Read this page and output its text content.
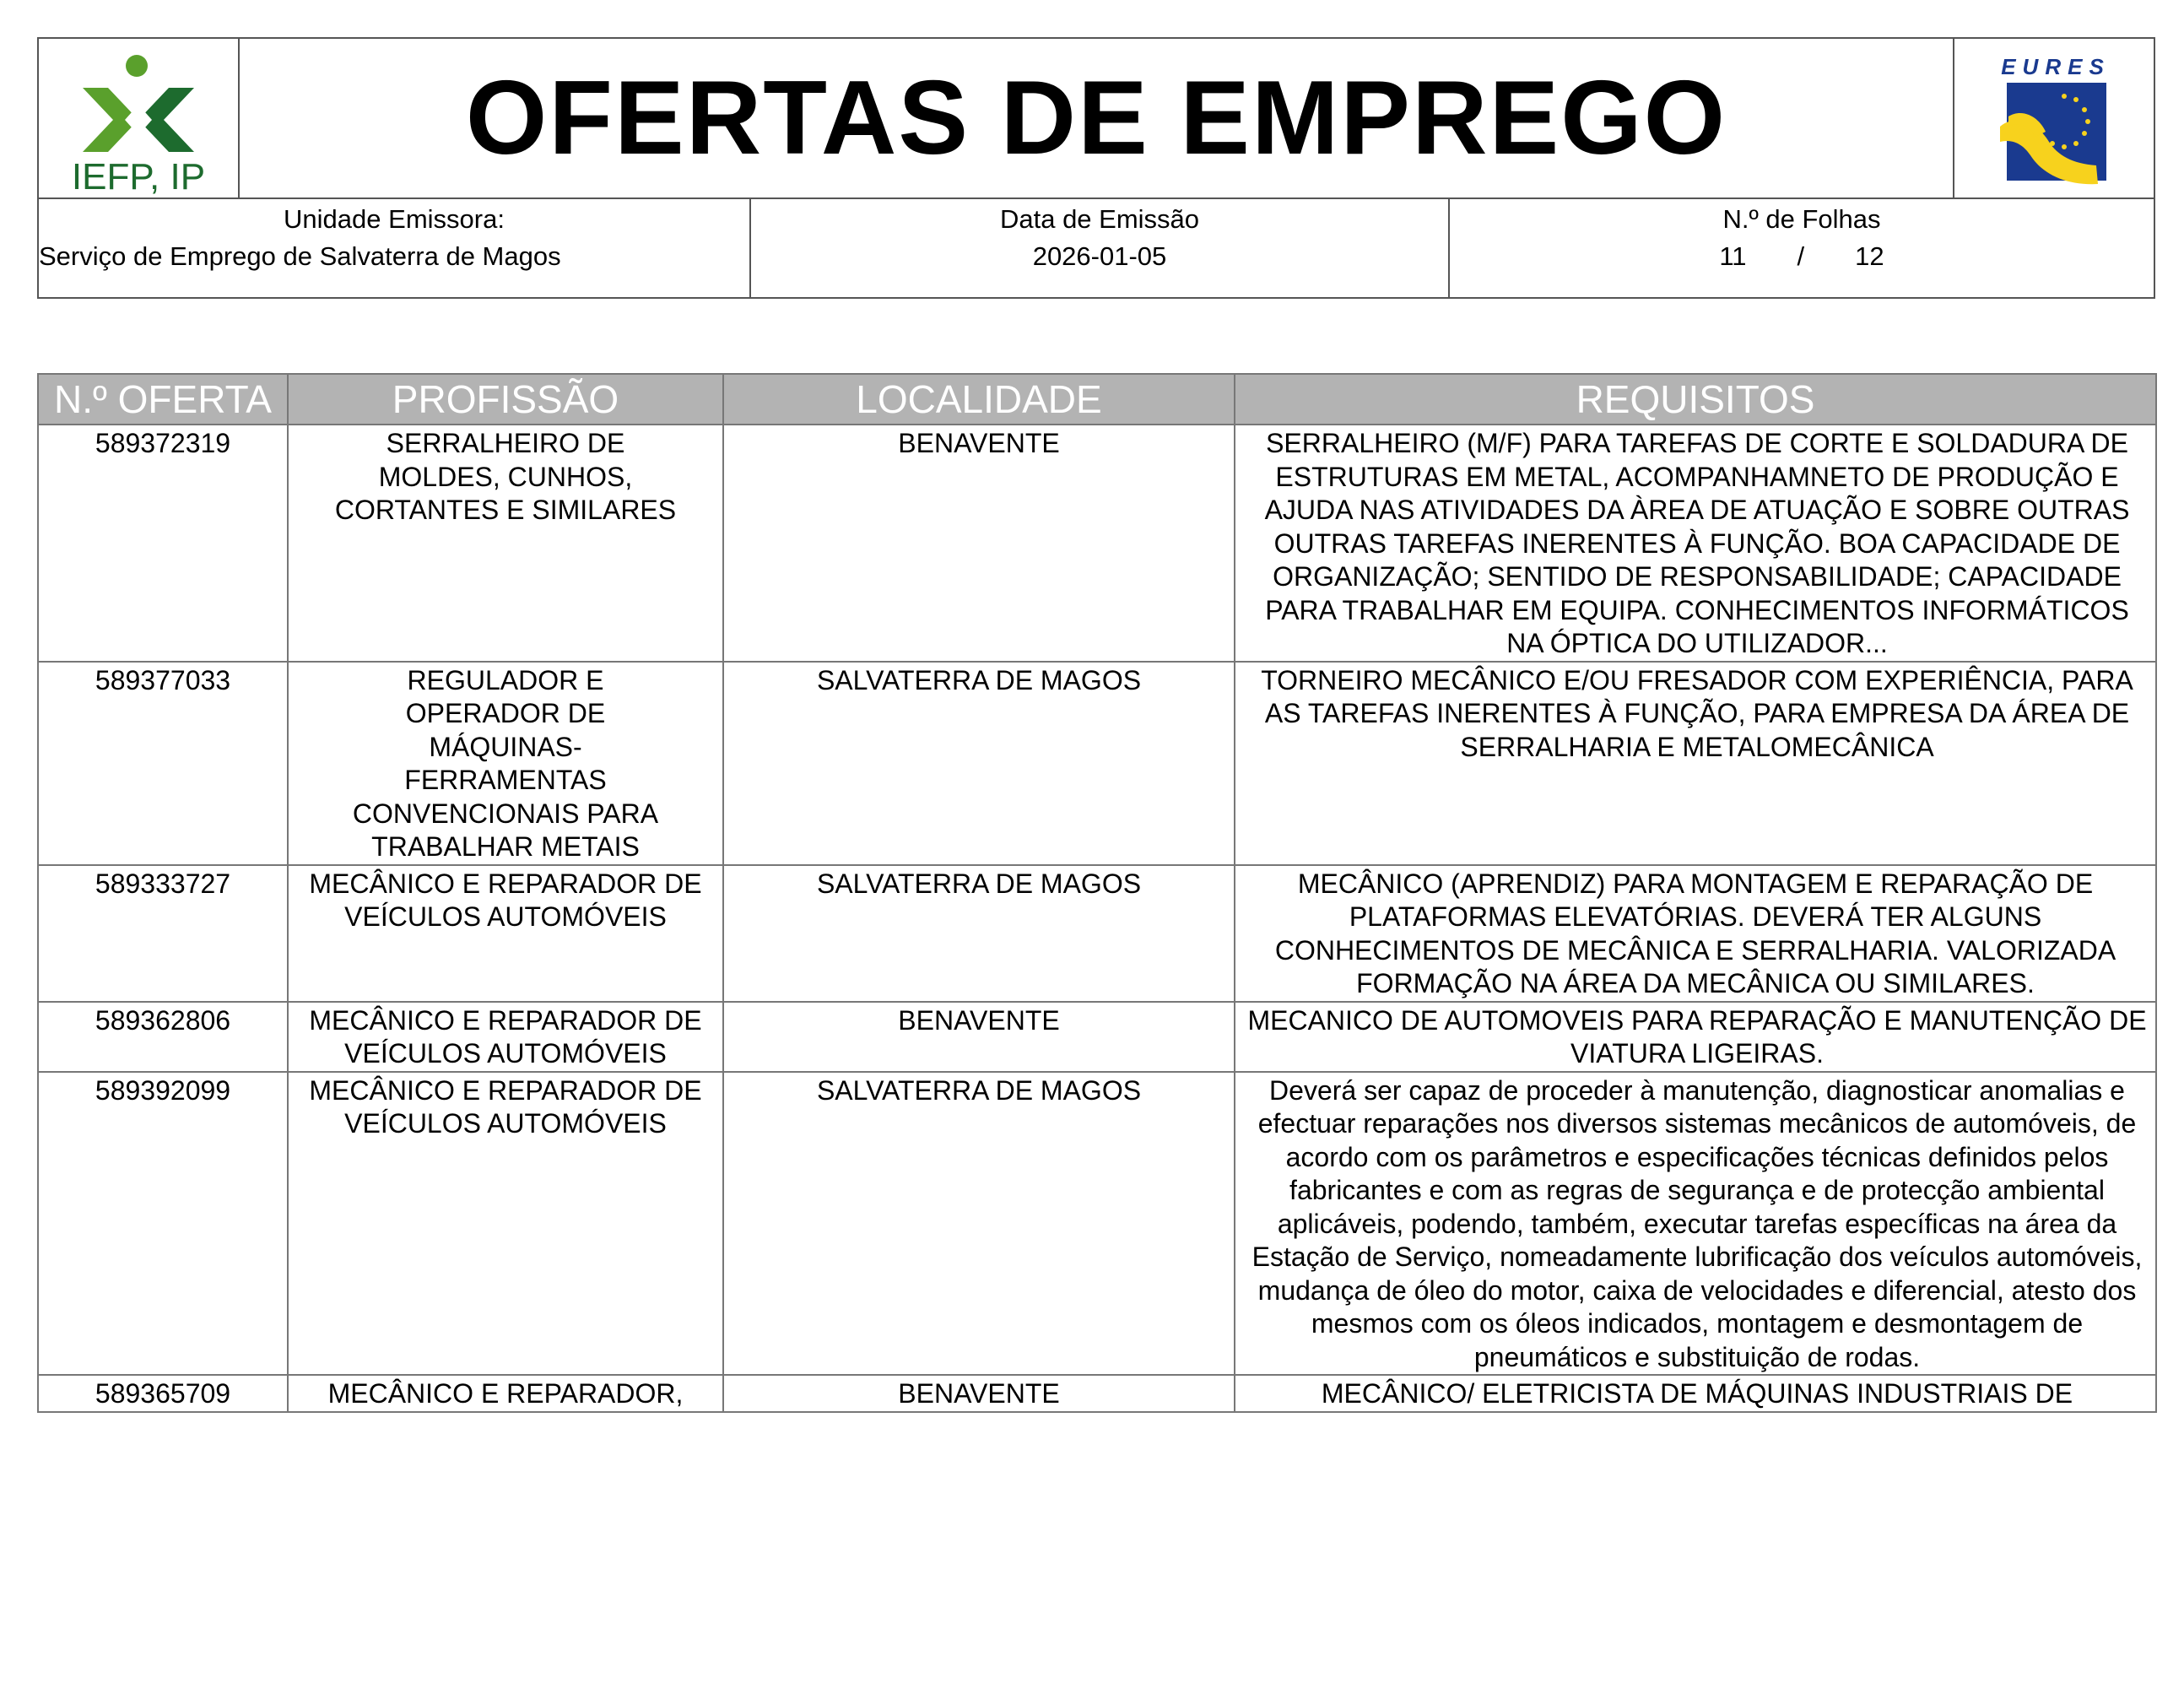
IEFP, IP
OFERTAS DE EMPREGO	EURES
Unidade Emissora:
Serviço de Emprego de Salvaterra de Magos
Data de Emissão
2026-01-05
N.º de Folhas
11 / 12
N.º OFERTA	PROFISSÃO	LOCALIDADE	REQUISITOS
589372319	SERRALHEIRO DE MOLDES, CUNHOS, CORTANTES E SIMILARES	BENAVENTE	SERRALHEIRO (M/F) PARA TAREFAS DE CORTE E SOLDADURA DE ESTRUTURAS EM METAL, ACOMPANHAMNETO DE PRODUÇÃO E AJUDA NAS ATIVIDADES DA ÀREA DE ATUAÇÃO E SOBRE OUTRAS OUTRAS TAREFAS INERENTES À FUNÇÃO. BOA CAPACIDADE DE ORGANIZAÇÃO; SENTIDO DE RESPONSABILIDADE; CAPACIDADE PARA TRABALHAR EM EQUIPA. CONHECIMENTOS INFORMÁTICOS NA ÓPTICA DO UTILIZADOR...
589377033	REGULADOR E OPERADOR DE MÁQUINAS-FERRAMENTAS CONVENCIONAIS PARA TRABALHAR METAIS	SALVATERRA DE MAGOS	TORNEIRO MECÂNICO E/OU FRESADOR COM EXPERIÊNCIA, PARA AS TAREFAS INERENTES À FUNÇÃO, PARA EMPRESA DA ÁREA DE SERRALHARIA E METALOMECÂNICA
589333727	MECÂNICO E REPARADOR DE VEÍCULOS AUTOMÓVEIS	SALVATERRA DE MAGOS	MECÂNICO (APRENDIZ) PARA MONTAGEM E REPARAÇÃO DE PLATAFORMAS ELEVATÓRIAS. DEVERÁ TER ALGUNS CONHECIMENTOS DE MECÂNICA E SERRALHARIA. VALORIZADA FORMAÇÃO NA ÁREA DA MECÂNICA OU SIMILARES.
589362806	MECÂNICO E REPARADOR DE VEÍCULOS AUTOMÓVEIS	BENAVENTE	MECANICO DE AUTOMOVEIS PARA REPARAÇÃO E MANUTENÇÃO DE VIATURA LIGEIRAS.
589392099	MECÂNICO E REPARADOR DE VEÍCULOS AUTOMÓVEIS	SALVATERRA DE MAGOS	Deverá ser capaz de proceder à manutenção, diagnosticar anomalias e efectuar reparações nos diversos sistemas mecânicos de automóveis, de acordo com os parâmetros e especificações técnicas definidos pelos fabricantes e com as regras de segurança e de protecção ambiental aplicáveis, podendo, também, executar tarefas específicas na área da Estação de Serviço, nomeadamente lubrificação dos veículos automóveis, mudança de óleo do motor, caixa de velocidades e diferencial, atesto dos mesmos com os óleos indicados, montagem e desmontagem de pneumáticos e substituição de rodas.
589365709	MECÂNICO E REPARADOR,	BENAVENTE	MECÂNICO/ ELETRICISTA DE MÁQUINAS INDUSTRIAIS DE
